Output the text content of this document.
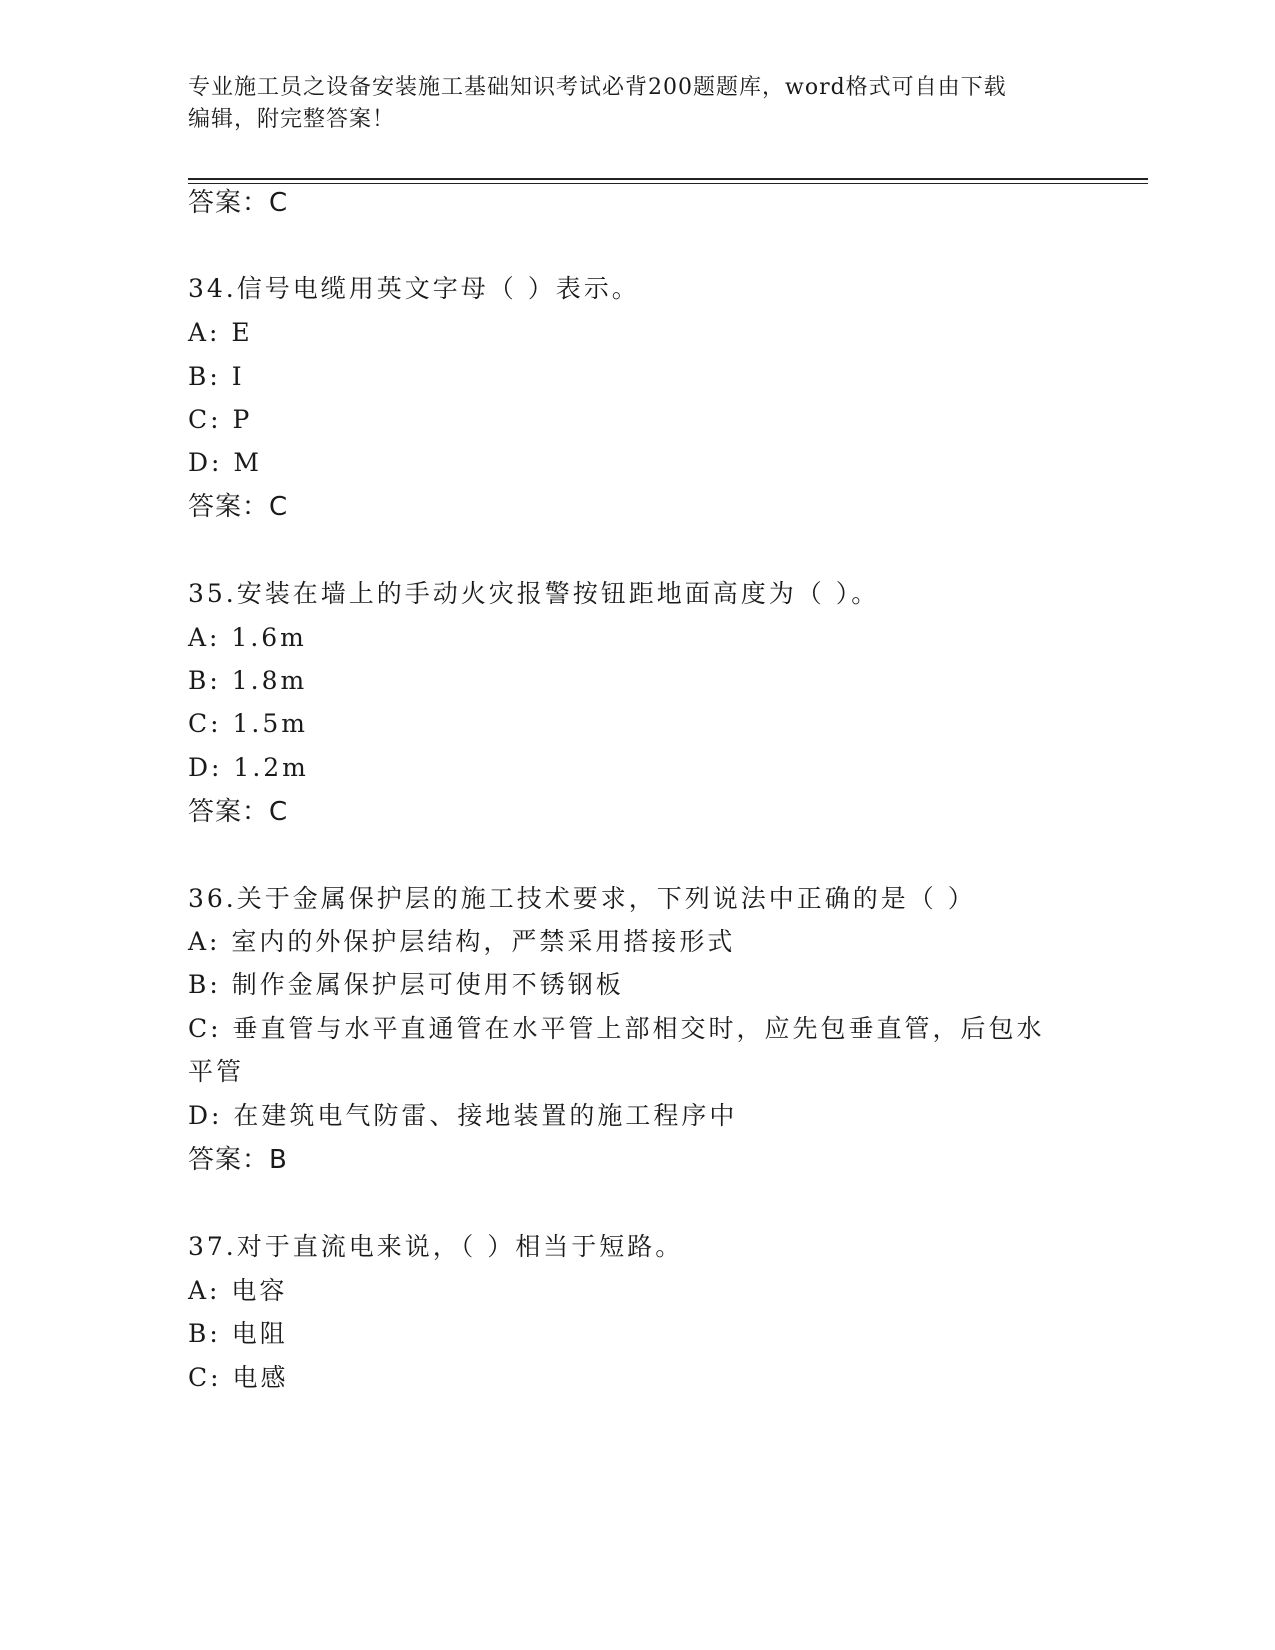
专业施工员之设备安装施工基础知识考试必背200题题库，word格式可自由下载
编辑，附完整答案！
答案：C
34.信号电缆用英文字母（ ）表示。
A: E
B: I
C: P
D: M
答案：C
35.安装在墙上的手动火灾报警按钮距地面高度为（ ）。
A: 1.6m
B: 1.8m
C: 1.5m
D: 1.2m
答案：C
36.关于金属保护层的施工技术要求，下列说法中正确的是（ ）
A: 室内的外保护层结构，严禁采用搭接形式
B: 制作金属保护层可使用不锈钢板
C: 垂直管与水平直通管在水平管上部相交时，应先包垂直管，后包水
平管
D: 在建筑电气防雷、接地装置的施工程序中
答案：B
37.对于直流电来说，（ ）相当于短路。
A: 电容
B: 电阻
C: 电感
